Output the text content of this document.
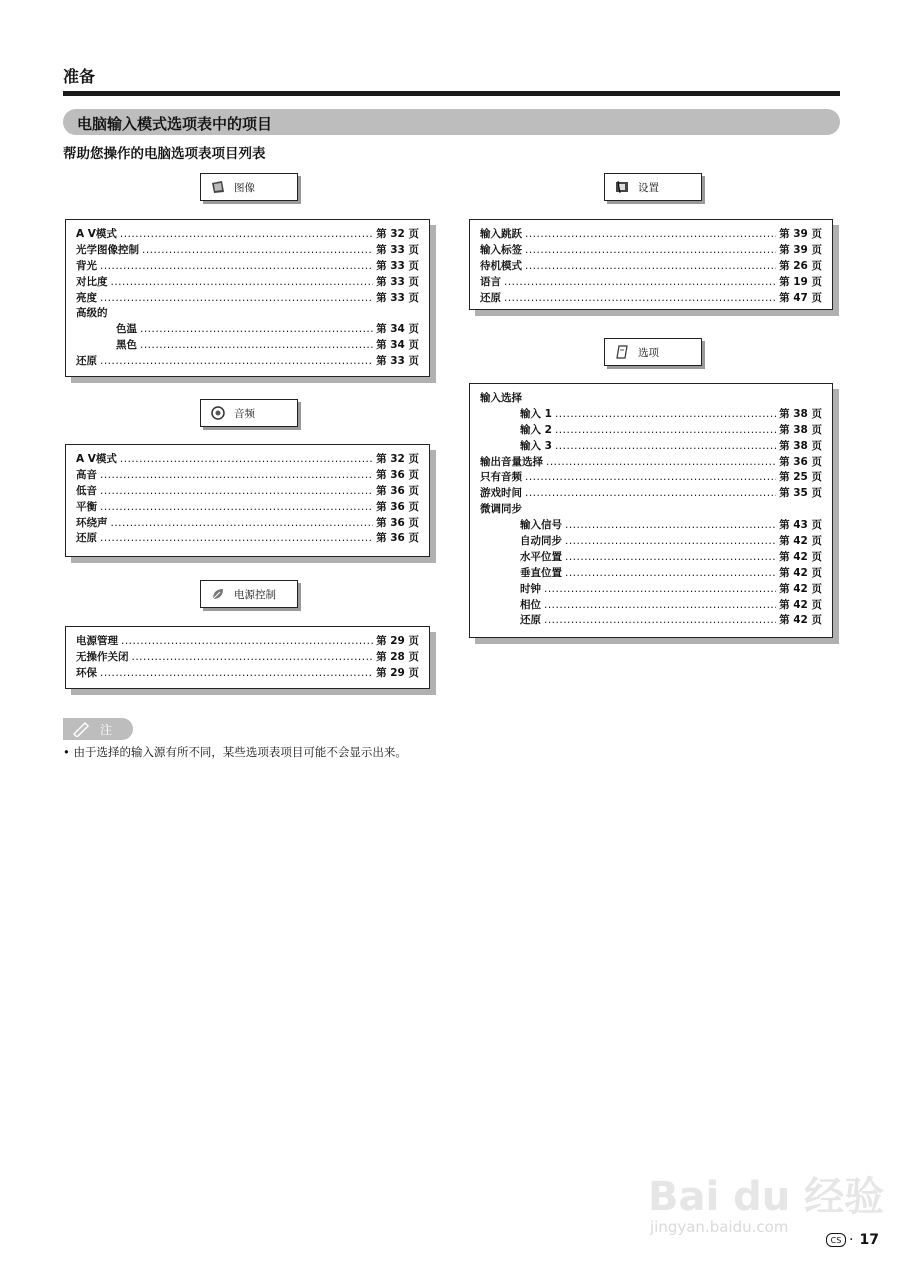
准备
电脑输入模式选项表中的项目
帮助您操作的电脑选项表项目列表
图像
A V模式 .....	第 32 页
光学图像控制 .....	第 33 页
背光 .....	第 33 页
对比度 .....	第 33 页
亮度 .....	第 33 页
高级的
色温 .....	第 34 页
黑色 .....	第 34 页
还原 .....	第 33 页
音频
A V模式 .....	第 32 页
高音 .....	第 36 页
低音 .....	第 36 页
平衡 .....	第 36 页
环绕声 .....	第 36 页
还原 .....	第 36 页
电源控制
电源管理 .....	第 29 页
无操作关闭 .....	第 28 页
环保 .....	第 29 页
设置
输入跳跃 .....	第 39 页
输入标签 .....	第 39 页
待机模式 .....	第 26 页
语言 .....	第 19 页
还原 .....	第 47 页
选项
输入选择
输入 1 .....	第 38 页
输入 2 .....	第 38 页
输入 3 .....	第 38 页
输出音量选择 .....	第 36 页
只有音频 .....	第 25 页
游戏时间 .....	第 35 页
微调同步
输入信号 .....	第 43 页
自动同步 .....	第 42 页
水平位置 .....	第 42 页
垂直位置 .....	第 42 页
时钟 .....	第 42 页
相位 .....	第 42 页
还原 .....	第 42 页
注
• 由于选择的输入源有所不同，某些选项表项目可能不会显示出来。
Bai du 经验
jingyan.baidu.com
CS · 17
